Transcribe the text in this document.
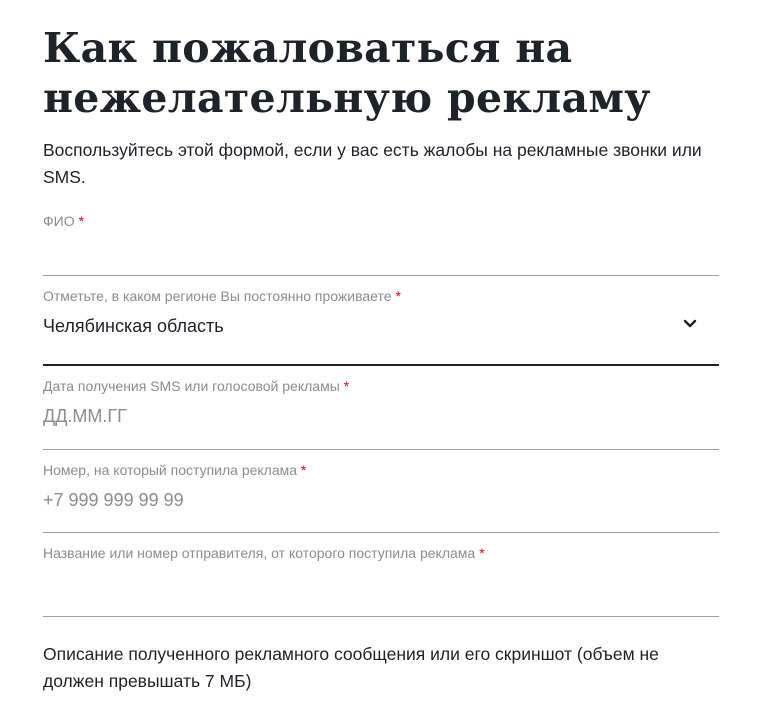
Как пожаловаться на
нежелательную рекламу

Воспользуйтесь этой формой, если у вас есть жалобы на рекламные звонки или SMS.

ФИО *
Отметьте, в каком регионе Вы постоянно проживаете *
Челябинская область
Дата получения SMS или голосовой рекламы *
ДД.ММ.ГГ
Номер, на который поступила реклама *
+7 999 999 99 99
Название или номер отправителя, от которого поступила реклама *

Описание полученного рекламного сообщения или его скриншот (объем не должен превышать 7 МБ)
